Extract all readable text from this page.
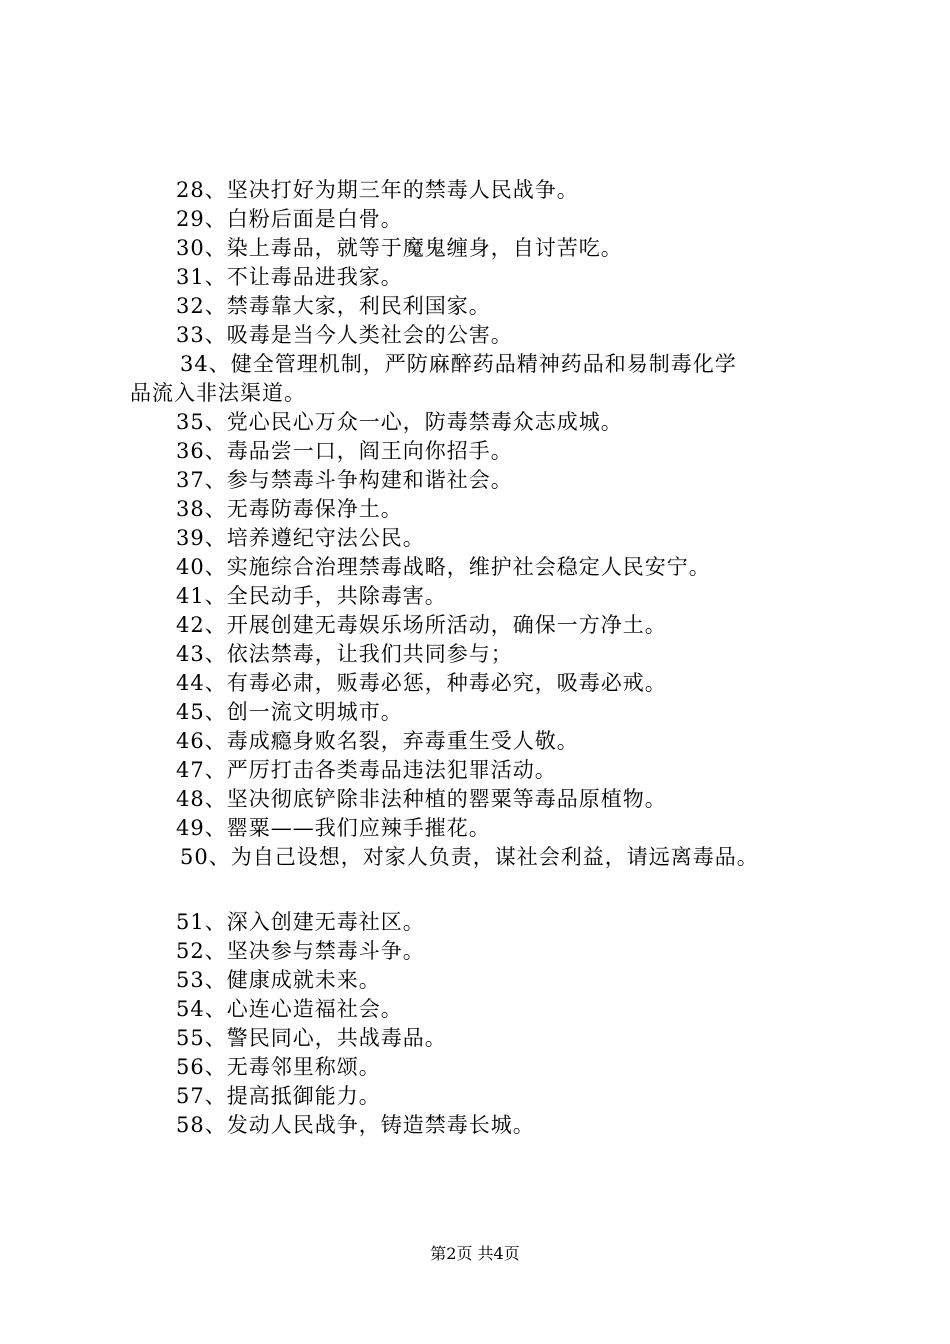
28、坚决打好为期三年的禁毒人民战争。
29、白粉后面是白骨。
30、染上毒品，就等于魔鬼缠身，自讨苦吃。
31、不让毒品进我家。
32、禁毒靠大家，利民利国家。
33、吸毒是当今人类社会的公害。
34、健全管理机制，严防麻醉药品精神药品和易制毒化学
品流入非法渠道。
35、党心民心万众一心，防毒禁毒众志成城。
36、毒品尝一口，阎王向你招手。
37、参与禁毒斗争构建和谐社会。
38、无毒防毒保净土。
39、培养遵纪守法公民。
40、实施综合治理禁毒战略，维护社会稳定人民安宁。
41、全民动手，共除毒害。
42、开展创建无毒娱乐场所活动，确保一方净土。
43、依法禁毒，让我们共同参与；
44、有毒必肃，贩毒必惩，种毒必究，吸毒必戒。
45、创一流文明城市。
46、毒成瘾身败名裂，弃毒重生受人敬。
47、严厉打击各类毒品违法犯罪活动。
48、坚决彻底铲除非法种植的罂粟等毒品原植物。
49、罂粟——我们应辣手摧花。
50、为自己设想，对家人负责，谋社会利益，请远离毒品。
51、深入创建无毒社区。
52、坚决参与禁毒斗争。
53、健康成就未来。
54、心连心造福社会。
55、警民同心，共战毒品。
56、无毒邻里称颂。
57、提高抵御能力。
58、发动人民战争，铸造禁毒长城。
第2页 共4页
